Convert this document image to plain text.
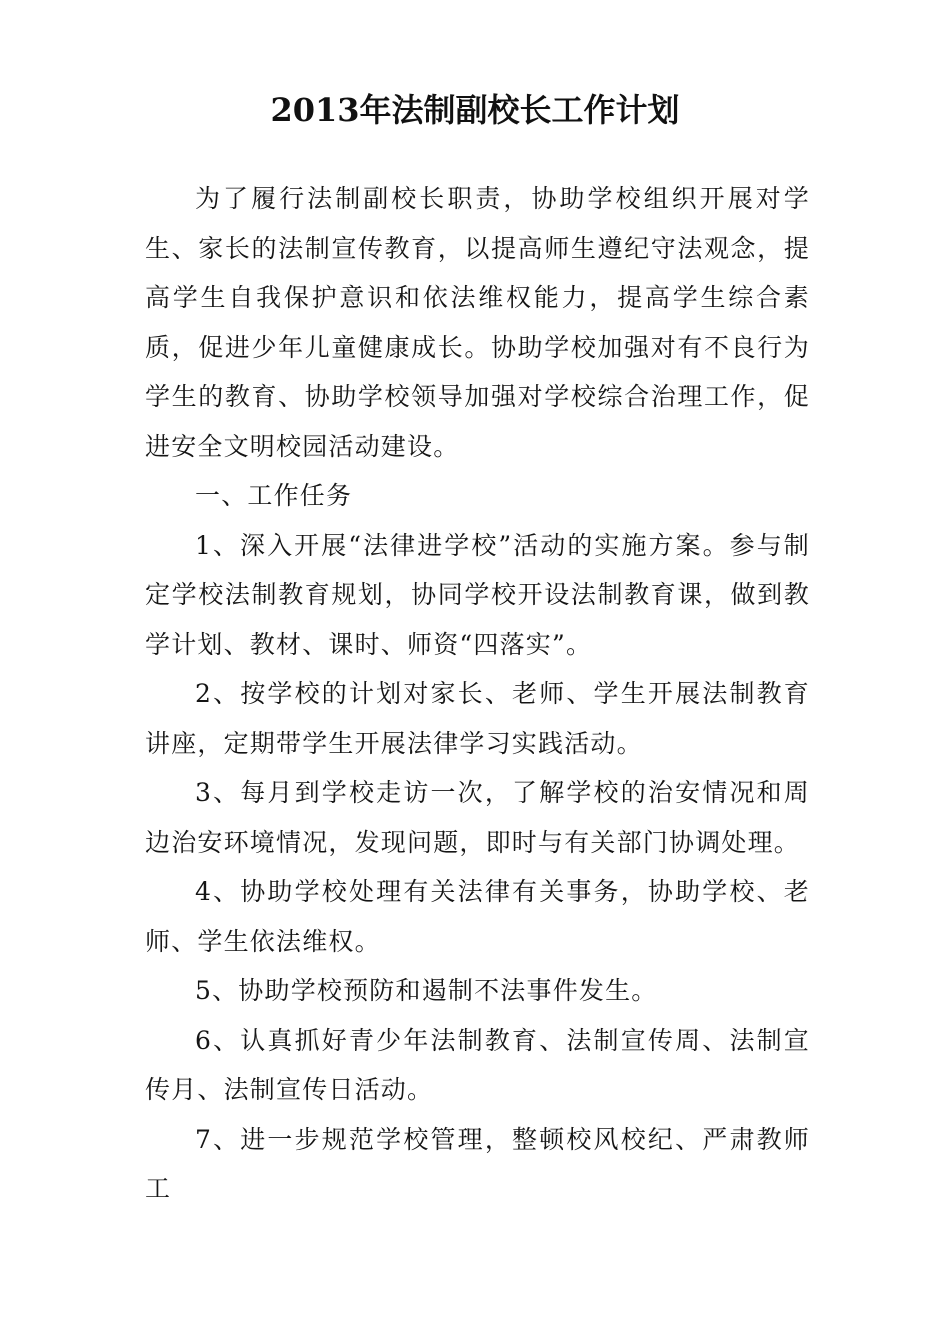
2013年法制副校长工作计划

为了履行法制副校长职责，协助学校组织开展对学生、家长的法制宣传教育，以提高师生遵纪守法观念，提高学生自我保护意识和依法维权能力，提高学生综合素质，促进少年儿童健康成长。协助学校加强对有不良行为学生的教育、协助学校领导加强对学校综合治理工作，促进安全文明校园活动建设。

一、工作任务

1、深入开展“法律进学校”活动的实施方案。参与制定学校法制教育规划，协同学校开设法制教育课，做到教学计划、教材、课时、师资“四落实”。

2、按学校的计划对家长、老师、学生开展法制教育讲座，定期带学生开展法律学习实践活动。

3、每月到学校走访一次，了解学校的治安情况和周边治安环境情况，发现问题，即时与有关部门协调处理。

4、协助学校处理有关法律有关事务，协助学校、老师、学生依法维权。

5、协助学校预防和遏制不法事件发生。

6、认真抓好青少年法制教育、法制宣传周、法制宣传月、法制宣传日活动。

7、进一步规范学校管理，整顿校风校纪、严肃教师工
